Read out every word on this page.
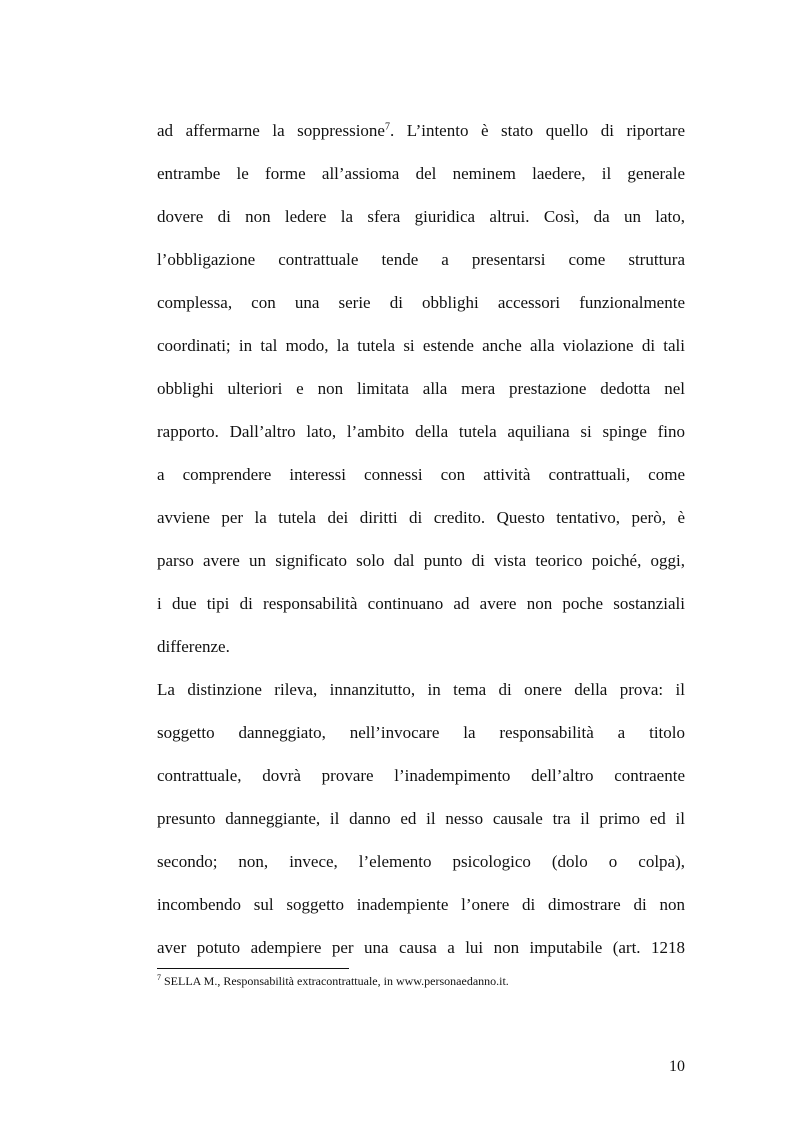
ad affermarne la soppressione$^7$. L’intento è stato quello di riportare
entrambe le forme all’assioma del neminem laedere, il generale
dovere di non ledere la sfera giuridica altrui. Così, da un lato,
l’obbligazione contrattuale tende a presentarsi come struttura
complessa, con una serie di obblighi accessori funzionalmente
coordinati; in tal modo, la tutela si estende anche alla violazione di tali
obblighi ulteriori e non limitata alla mera prestazione dedotta nel
rapporto. Dall’altro lato, l’ambito della tutela aquiliana si spinge fino
a comprendere interessi connessi con attività contrattuali, come
avviene per la tutela dei diritti di credito. Questo tentativo, però, è
parso avere un significato solo dal punto di vista teorico poiché, oggi,
i due tipi di responsabilità continuano ad avere non poche sostanziali
differenze.
La distinzione rileva, innanzitutto, in tema di onere della prova: il
soggetto danneggiato, nell’invocare la responsabilità a titolo
contrattuale, dovrà provare l’inadempimento dell’altro contraente
presunto danneggiante, il danno ed il nesso causale tra il primo ed il
secondo; non, invece, l’elemento psicologico (dolo o colpa),
incombendo sul soggetto inadempiente l’onere di dimostrare di non
aver potuto adempiere per una causa a lui non imputabile (art. 1218
$^7$ SELLA M., Responsabilità extracontrattuale, in www.personaedanno.it.
10
